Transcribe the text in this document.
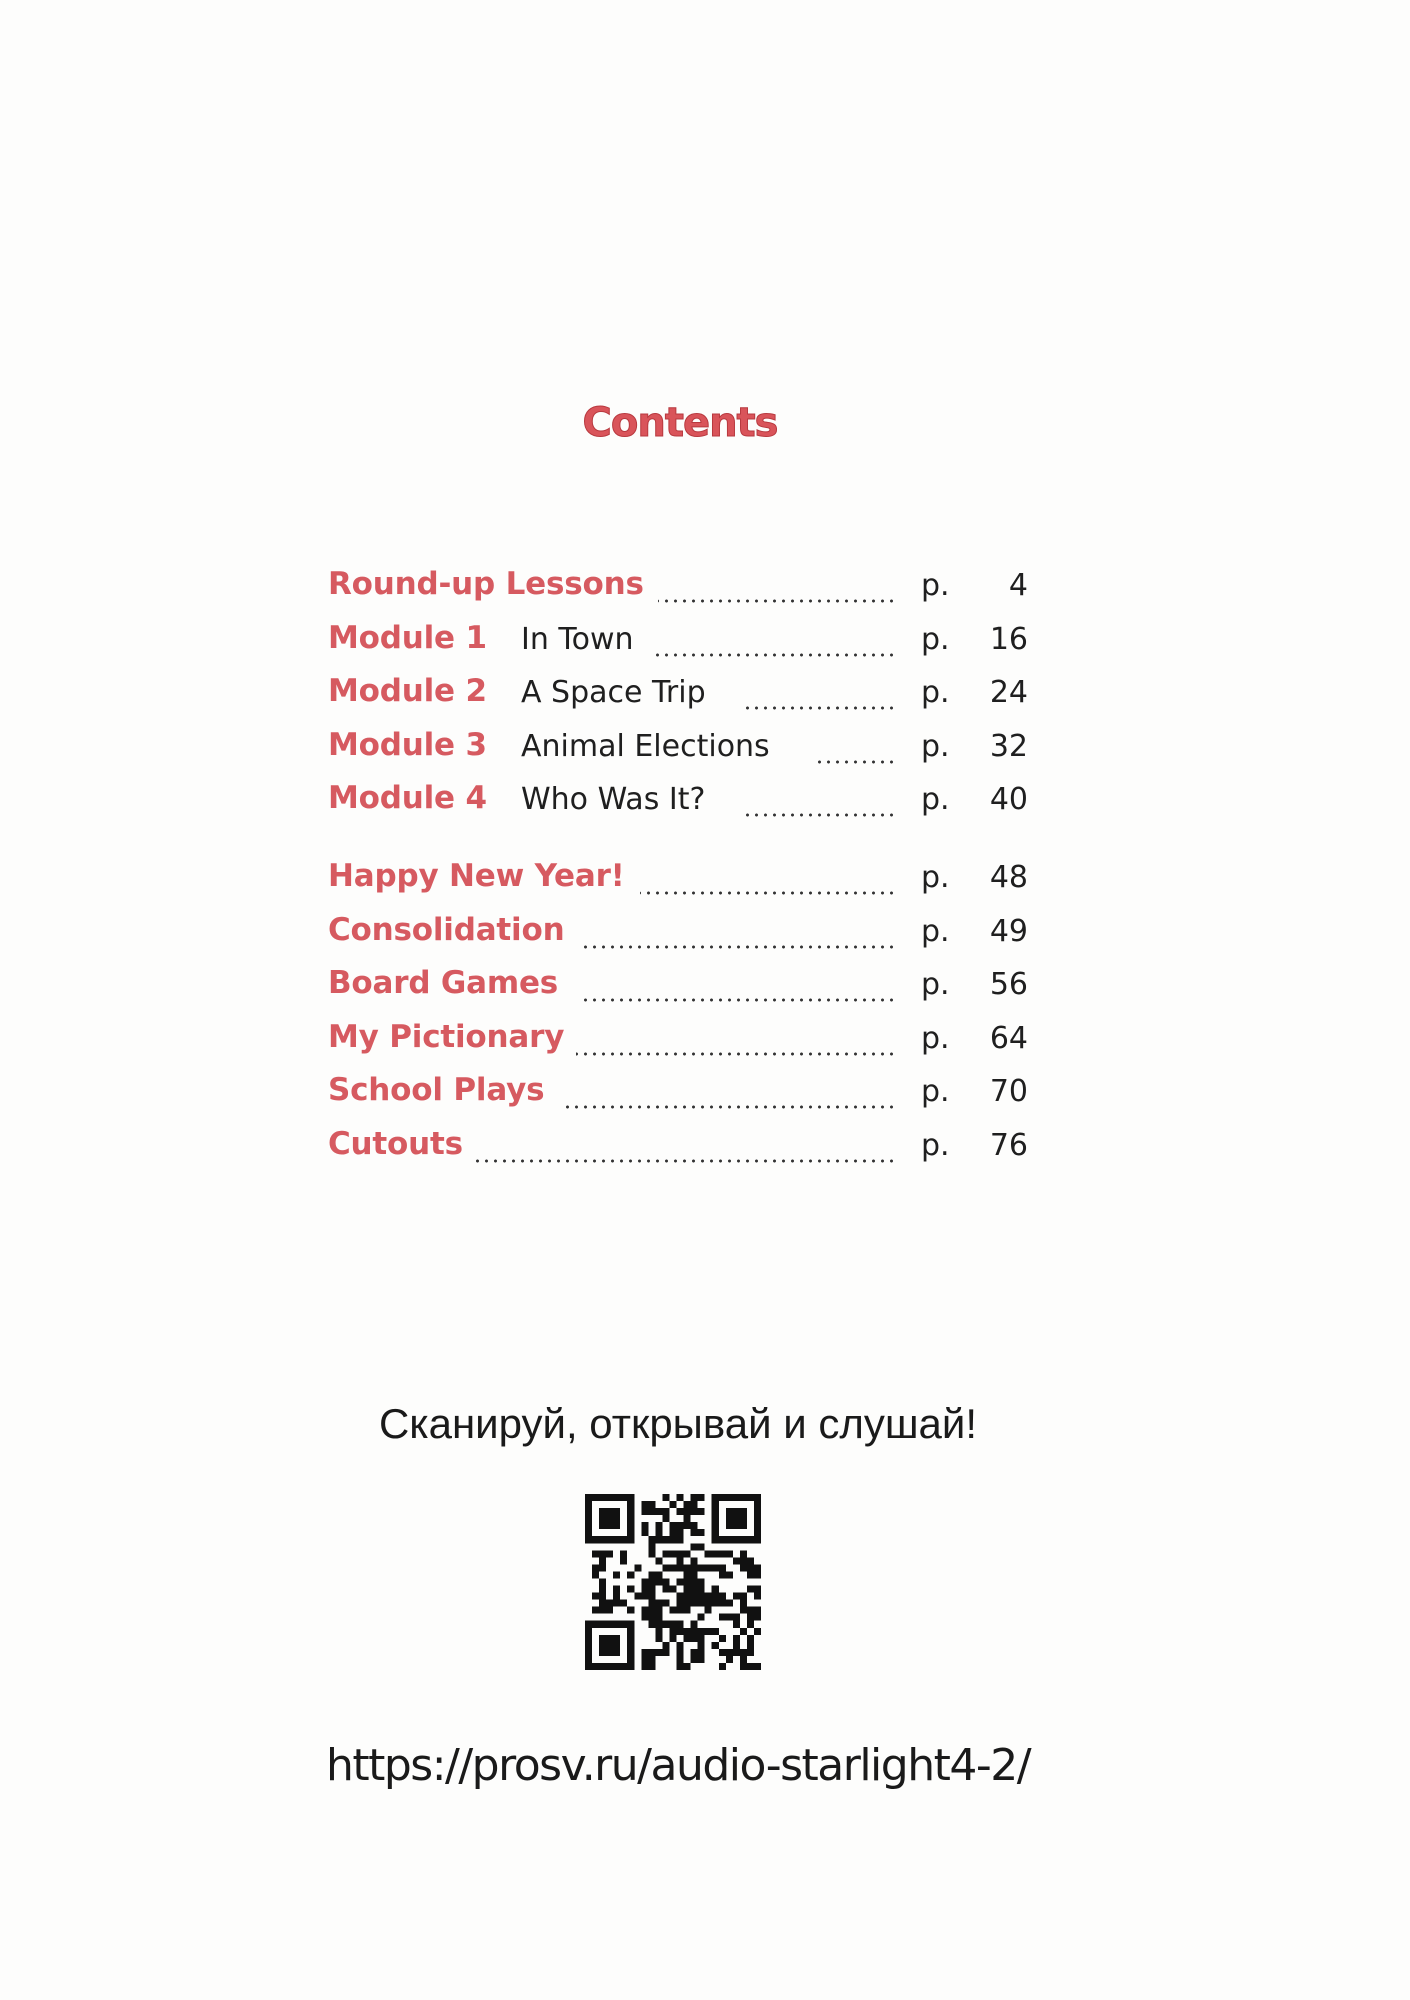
Contents
Round-up Lessons	p.	4
Module 1 In Town	p.	16
Module 2 A Space Trip	p.	24
Module 3 Animal Elections	p.	32
Module 4 Who Was It?	p.	40
Happy New Year!	p.	48
Consolidation	p.	49
Board Games	p.	56
My Pictionary	p.	64
School Plays	p.	70
Cutouts	p.	76
Сканируй, открывай и слушай!
https://prosv.ru/audio-starlight4-2/
